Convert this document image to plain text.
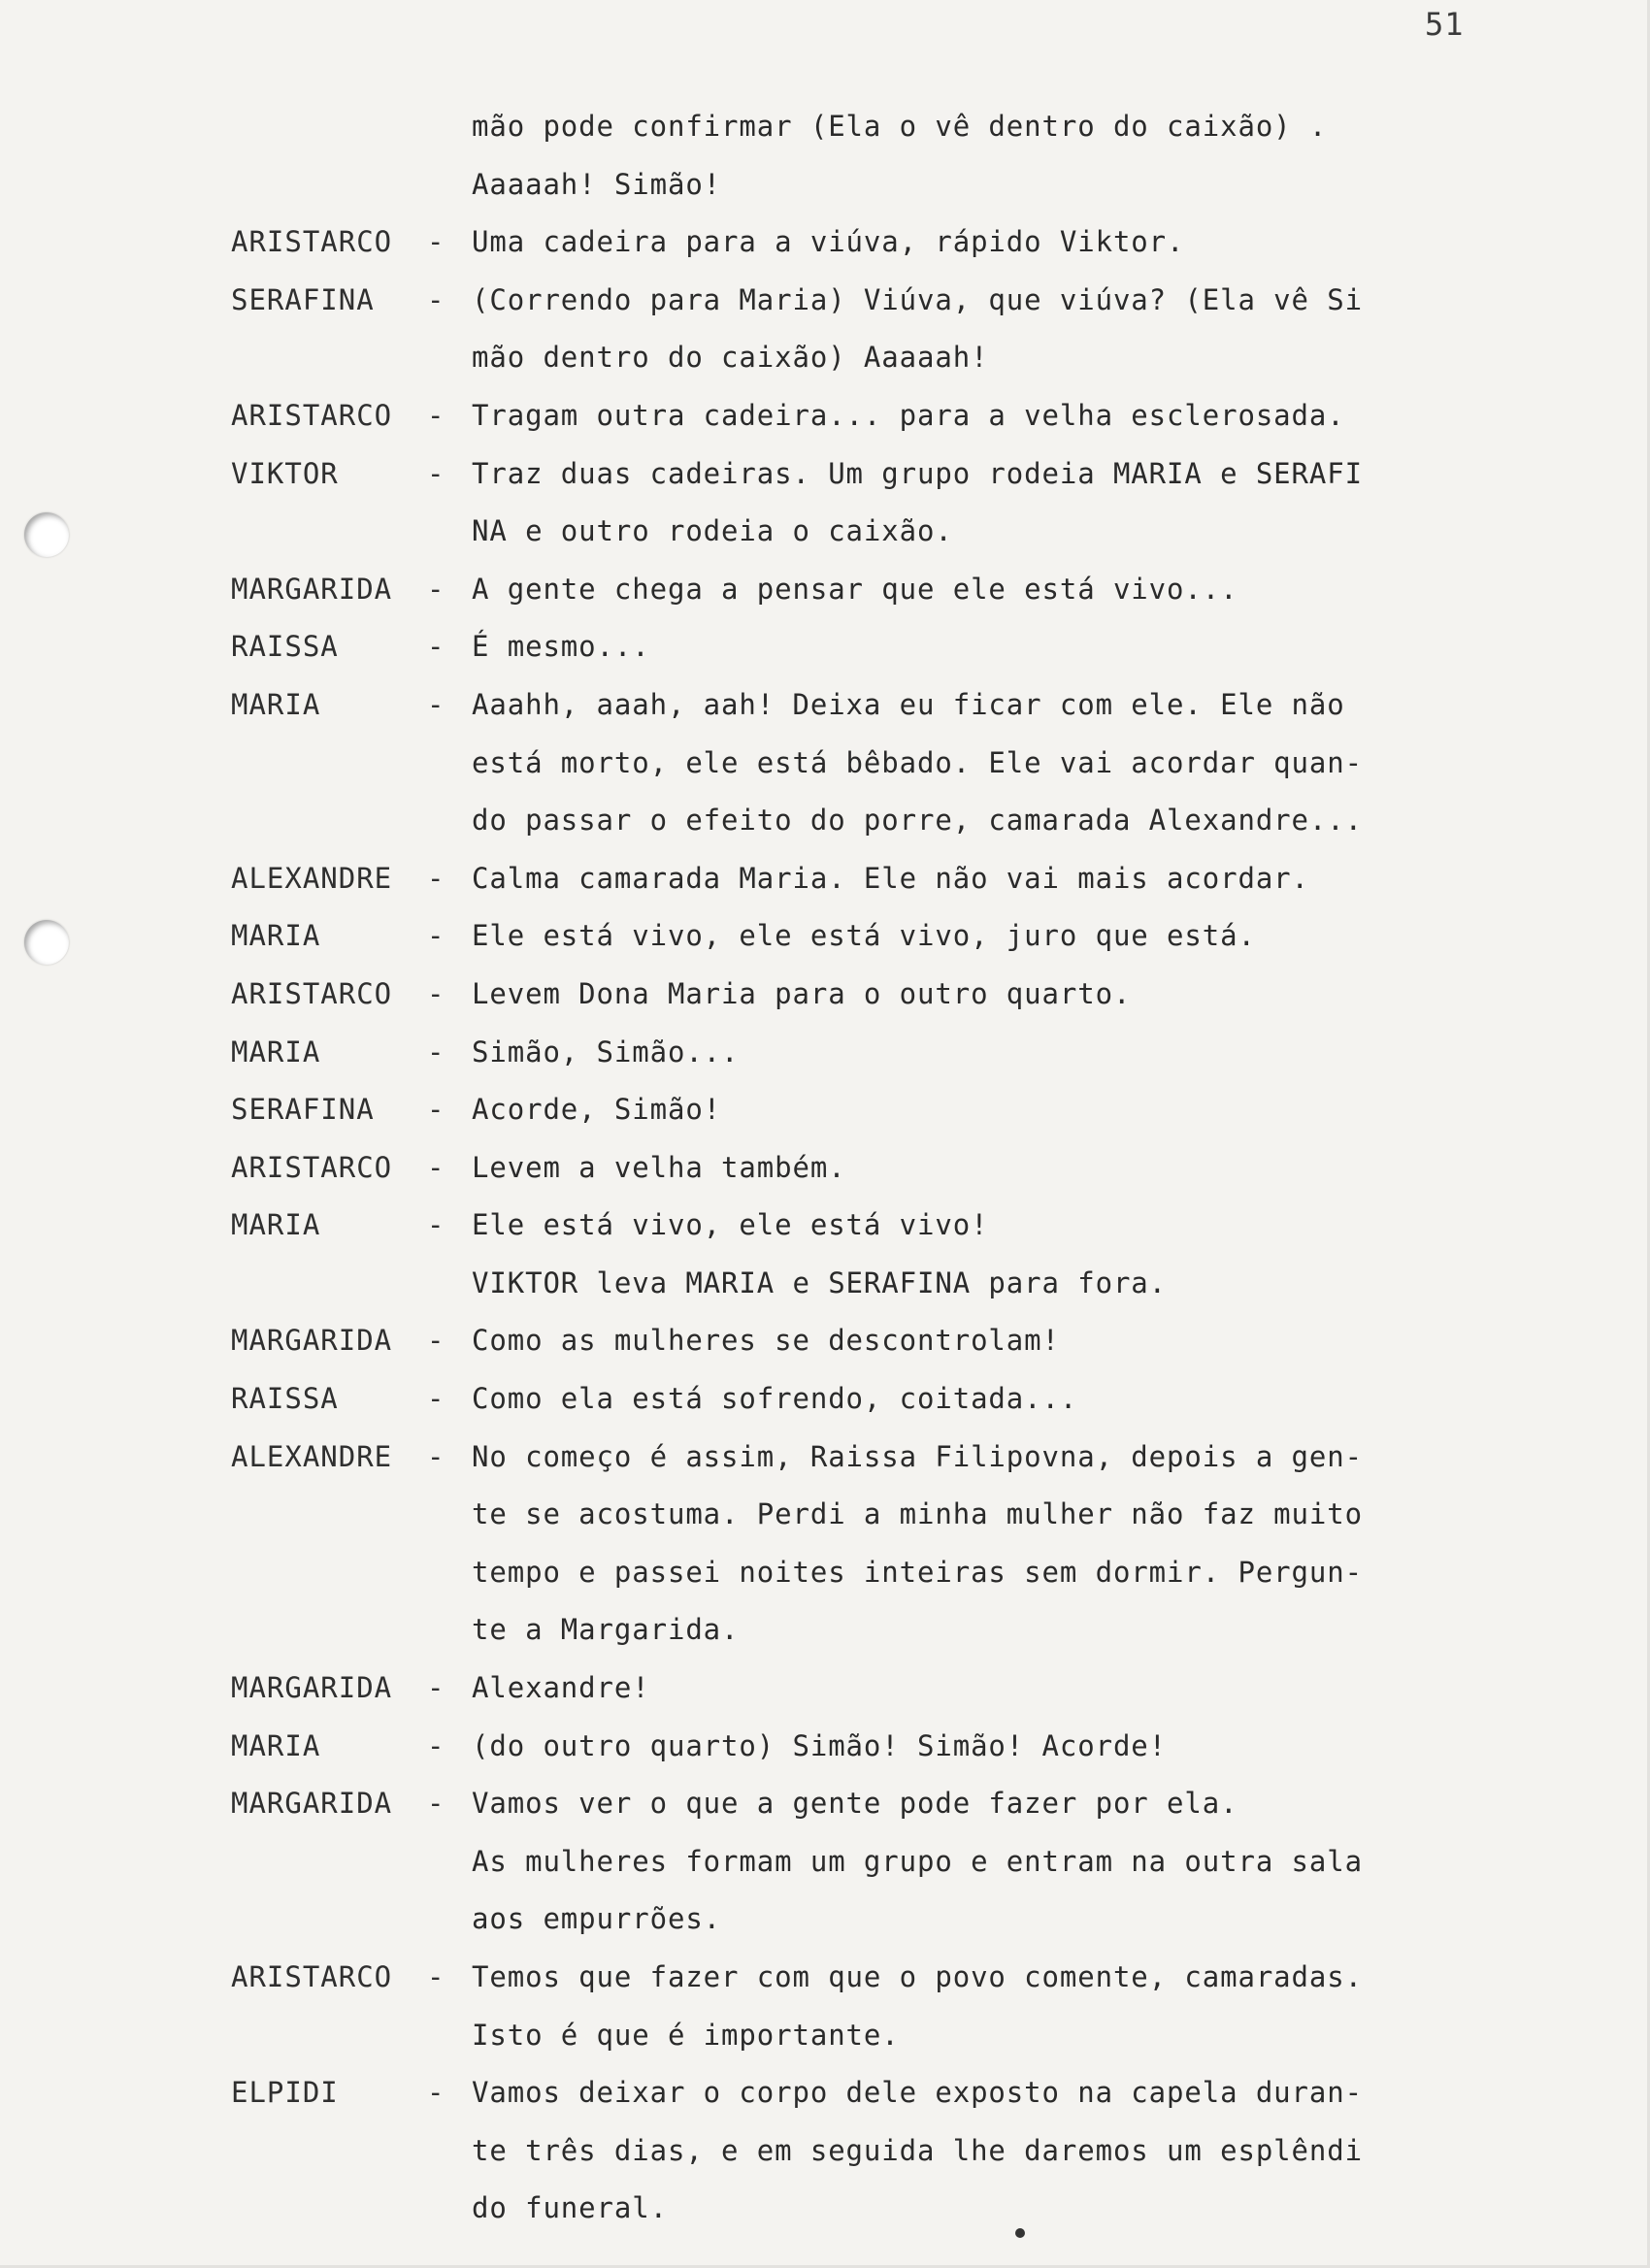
51
mão pode confirmar (Ela o vê dentro do caixão) .
Aaaaah! Simão!
ARISTARCO	- Uma cadeira para a viúva, rápido Viktor.
SERAFINA	- (Correndo para Maria) Viúva, que viúva? (Ela vê Si
mão dentro do caixão) Aaaaah!
ARISTARCO	- Tragam outra cadeira... para a velha esclerosada.
VIKTOR	- Traz duas cadeiras. Um grupo rodeia MARIA e SERAFI
NA e outro rodeia o caixão.
MARGARIDA	- A gente chega a pensar que ele está vivo...
RAISSA	- É mesmo...
MARIA	- Aaahh, aaah, aah! Deixa eu ficar com ele. Ele não
está morto, ele está bêbado. Ele vai acordar quan-
do passar o efeito do porre, camarada Alexandre...
ALEXANDRE	- Calma camarada Maria. Ele não vai mais acordar.
MARIA	- Ele está vivo, ele está vivo, juro que está.
ARISTARCO	- Levem Dona Maria para o outro quarto.
MARIA	- Simão, Simão...
SERAFINA	- Acorde, Simão!
ARISTARCO	- Levem a velha também.
MARIA	- Ele está vivo, ele está vivo!
VIKTOR leva MARIA e SERAFINA para fora.
MARGARIDA	- Como as mulheres se descontrolam!
RAISSA	- Como ela está sofrendo, coitada...
ALEXANDRE	- No começo é assim, Raissa Filipovna, depois a gen-
te se acostuma. Perdi a minha mulher não faz muito
tempo e passei noites inteiras sem dormir. Pergun-
te a Margarida.
MARGARIDA	- Alexandre!
MARIA	- (do outro quarto) Simão! Simão! Acorde!
MARGARIDA	- Vamos ver o que a gente pode fazer por ela.
As mulheres formam um grupo e entram na outra sala
aos empurrões.
ARISTARCO	- Temos que fazer com que o povo comente, camaradas.
Isto é que é importante.
ELPIDI	- Vamos deixar o corpo dele exposto na capela duran-
te três dias, e em seguida lhe daremos um esplêndi
do funeral.
